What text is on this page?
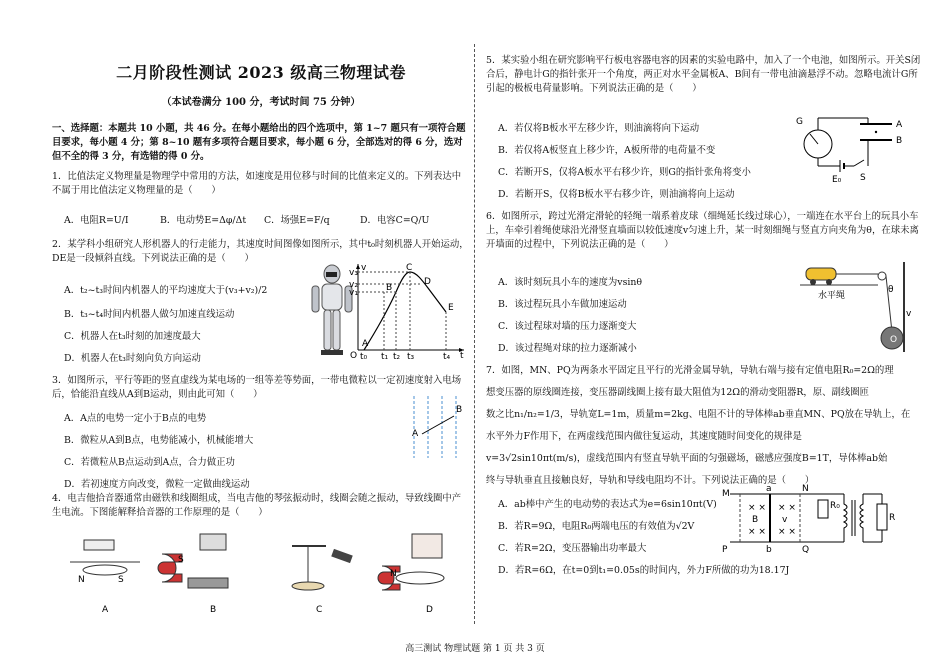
二月阶段性测试 2023 级高三物理试卷
（本试卷满分 100 分，考试时间 75 分钟）

一、选择题：本题共 10 小题，共 46 分。在每小题给出的四个选项中，第 1~7 题只有一项符合题目要求，每小题 4 分；第 8~10 题有多项符合题目要求，每小题 6 分，全部选对的得 6 分，选对但不全的得 3 分，有选错的得 0 分。

1．比值法定义物理量是物理学中常用的方法，如速度是用位移与时间的比值来定义的。下列表达中不属于用比值法定义物理量的是（　　）

A．电阻R=U/I	B．电动势E=Δφ/Δt C．场强E=F/q	D．电容C=Q/U

2．某学科小组研究人形机器人的行走能力，其速度时间图像如图所示，其中t₀时刻机器人开始运动，DE是一段倾斜直线。下列说法正确的是（　　）

A．t₂~t₃时间内机器人的平均速度大于(v₃+v₂)/2

B．t₃~t₄时间内机器人做匀加速直线运动

C．机器人在t₃时刻的加速度最大

D．机器人在t₃时刻向负方向运动

3．如图所示，平行等距的竖直虚线为某电场的一组等差等势面，一带电微粒以一定初速度射入电场后，恰能沿直线从A到B运动，则由此可知（　　）

A．A点的电势一定小于B点的电势

B．微粒从A到B点，电势能减小，机械能增大

C．若微粒从B点运动到A点，合力做正功

D．若初速度方向改变，微粒一定做曲线运动

4．电吉他拾音器通常由磁铁和线圈组成，当电吉他的琴弦振动时，线圈会随之振动，导致线圈中产生电流。下图能解释拾音器的工作原理的是（　　）

v
t
O
v₃
v₂
v₁
A
B
C
D
E
t₀ t₁ t₂ t₃	t₄
A
B
N	S
A
S
B	C
N
D

5．某实验小组在研究影响平行板电容器电容的因素的实验电路中，加入了一个电池，如图所示。开关S闭合后，静电计G的指针张开一个角度，两正对水平金属板A、B间有一带电油滴悬浮不动。忽略电流计G所引起的极板电荷量影响。下列说法正确的是（　　）

A．若仅将B板水平左移少许，则油滴将向下运动

B．若仅将A板竖直上移少许，A板所带的电荷量不变

C．若断开S，仅将A板水平右移少许，则G的指针张角将变小

D．若断开S，仅将B板水平右移少许，则油滴将向上运动

6．如图所示，跨过光滑定滑轮的轻绳一端系着皮球（细绳延长线过球心），一端连在水平台上的玩具小车上，车牵引着绳使球沿光滑竖直墙面以较低速度v匀速上升，某一时刻细绳与竖直方向夹角为θ，在球未离开墙面的过程中，下列说法正确的是（　　）

A．该时刻玩具小车的速度为vsinθ

B．该过程玩具小车做加速运动

C．该过程球对墙的压力逐渐变大

D．该过程绳对球的拉力逐渐减小

7．如图，MN、PQ为两条水平固定且平行的光滑金属导轨，导轨右端与接有定值电阻R₀=2Ω的理

想变压器的原线圈连接，变压器副线圈上接有最大阻值为12Ω的滑动变阻器R，原、副线圈匝

数之比n₁/n₂=1/3，导轨宽L=1m，质量m=2kg、电阻不计的导体棒ab垂直MN、PQ放在导轨上，在

水平外力F作用下，在两虚线范围内做往复运动，其速度随时间变化的规律是

v=3√2sin10πt(m/s)，虚线范围内有竖直导轨平面的匀强磁场，磁感应强度B=1T，导体棒ab始

终与导轨垂直且接触良好，导轨和导线电阻均不计。下列说法正确的是（　　）

A．ab棒中产生的电动势的表达式为e=6sin10πt(V)

B．若R=9Ω，电阻R₀两端电压的有效值为√2V

C．若R=2Ω，变压器输出功率最大

D．若R=6Ω，在t=0到t₁=0.05s的时间内，外力F所做的功为18.17J

G	A
B
E₀ S
水平绳
v
O
θ
× × × ×
× × × ×
B	v
M
P
a
b
N
Q
R₀
R
高三测试 物理试题 第 1 页 共 3 页
